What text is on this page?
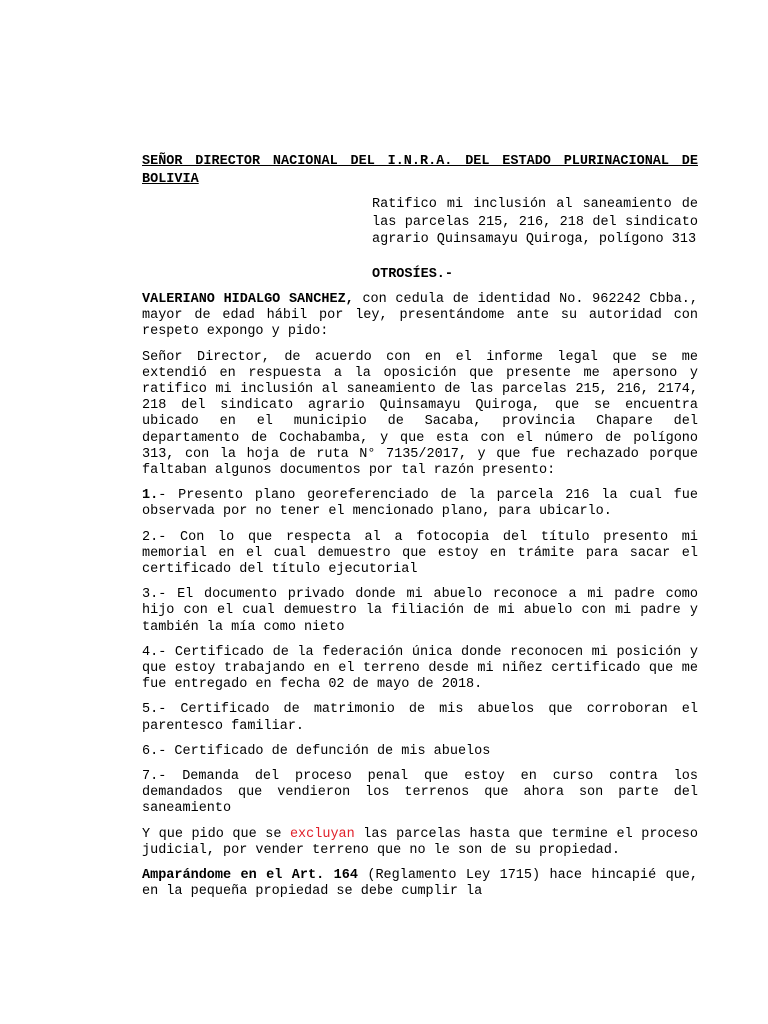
SEÑOR DIRECTOR NACIONAL DEL I.N.R.A. DEL ESTADO PLURINACIONAL DE BOLIVIA
Ratifico mi inclusión al saneamiento de las parcelas 215, 216, 218 del sindicato agrario Quinsamayu Quiroga, polígono 313
OTROSÍES.-

VALERIANO HIDALGO SANCHEZ, con cedula de identidad No. 962242 Cbba., mayor de edad hábil por ley, presentándome ante su autoridad con respeto expongo y pido:

Señor Director, de acuerdo con en el informe legal que se me extendió en respuesta a la oposición que presente me apersono y ratifico mi inclusión al saneamiento de las parcelas 215, 216, 2174, 218 del sindicato agrario Quinsamayu Quiroga, que se encuentra ubicado en el municipio de Sacaba, provincia Chapare del departamento de Cochabamba, y que esta con el número de polígono 313, con la hoja de ruta N° 7135/2017, y que fue rechazado porque faltaban algunos documentos por tal razón presento:

1.- Presento plano georeferenciado de la parcela 216 la cual fue observada por no tener el mencionado plano, para ubicarlo.

2.- Con lo que respecta al a fotocopia del título presento mi memorial en el cual demuestro que estoy en trámite para sacar el certificado del título ejecutorial

3.- El documento privado donde mi abuelo reconoce a mi padre como hijo con el cual demuestro la filiación de mi abuelo con mi padre y también la mía como nieto

4.- Certificado de la federación única donde reconocen mi posición y que estoy trabajando en el terreno desde mi niñez certificado que me fue entregado en fecha 02 de mayo de 2018.

5.- Certificado de matrimonio de mis abuelos que corroboran el parentesco familiar.

6.- Certificado de defunción de mis abuelos

7.- Demanda del proceso penal que estoy en curso contra los demandados que vendieron los terrenos que ahora son parte del saneamiento

Y que pido que se excluyan las parcelas hasta que termine el proceso judicial, por vender terreno que no le son de su propiedad.

Amparándome en el Art. 164 (Reglamento Ley 1715) hace hincapié que, en la pequeña propiedad se debe cumplir la
